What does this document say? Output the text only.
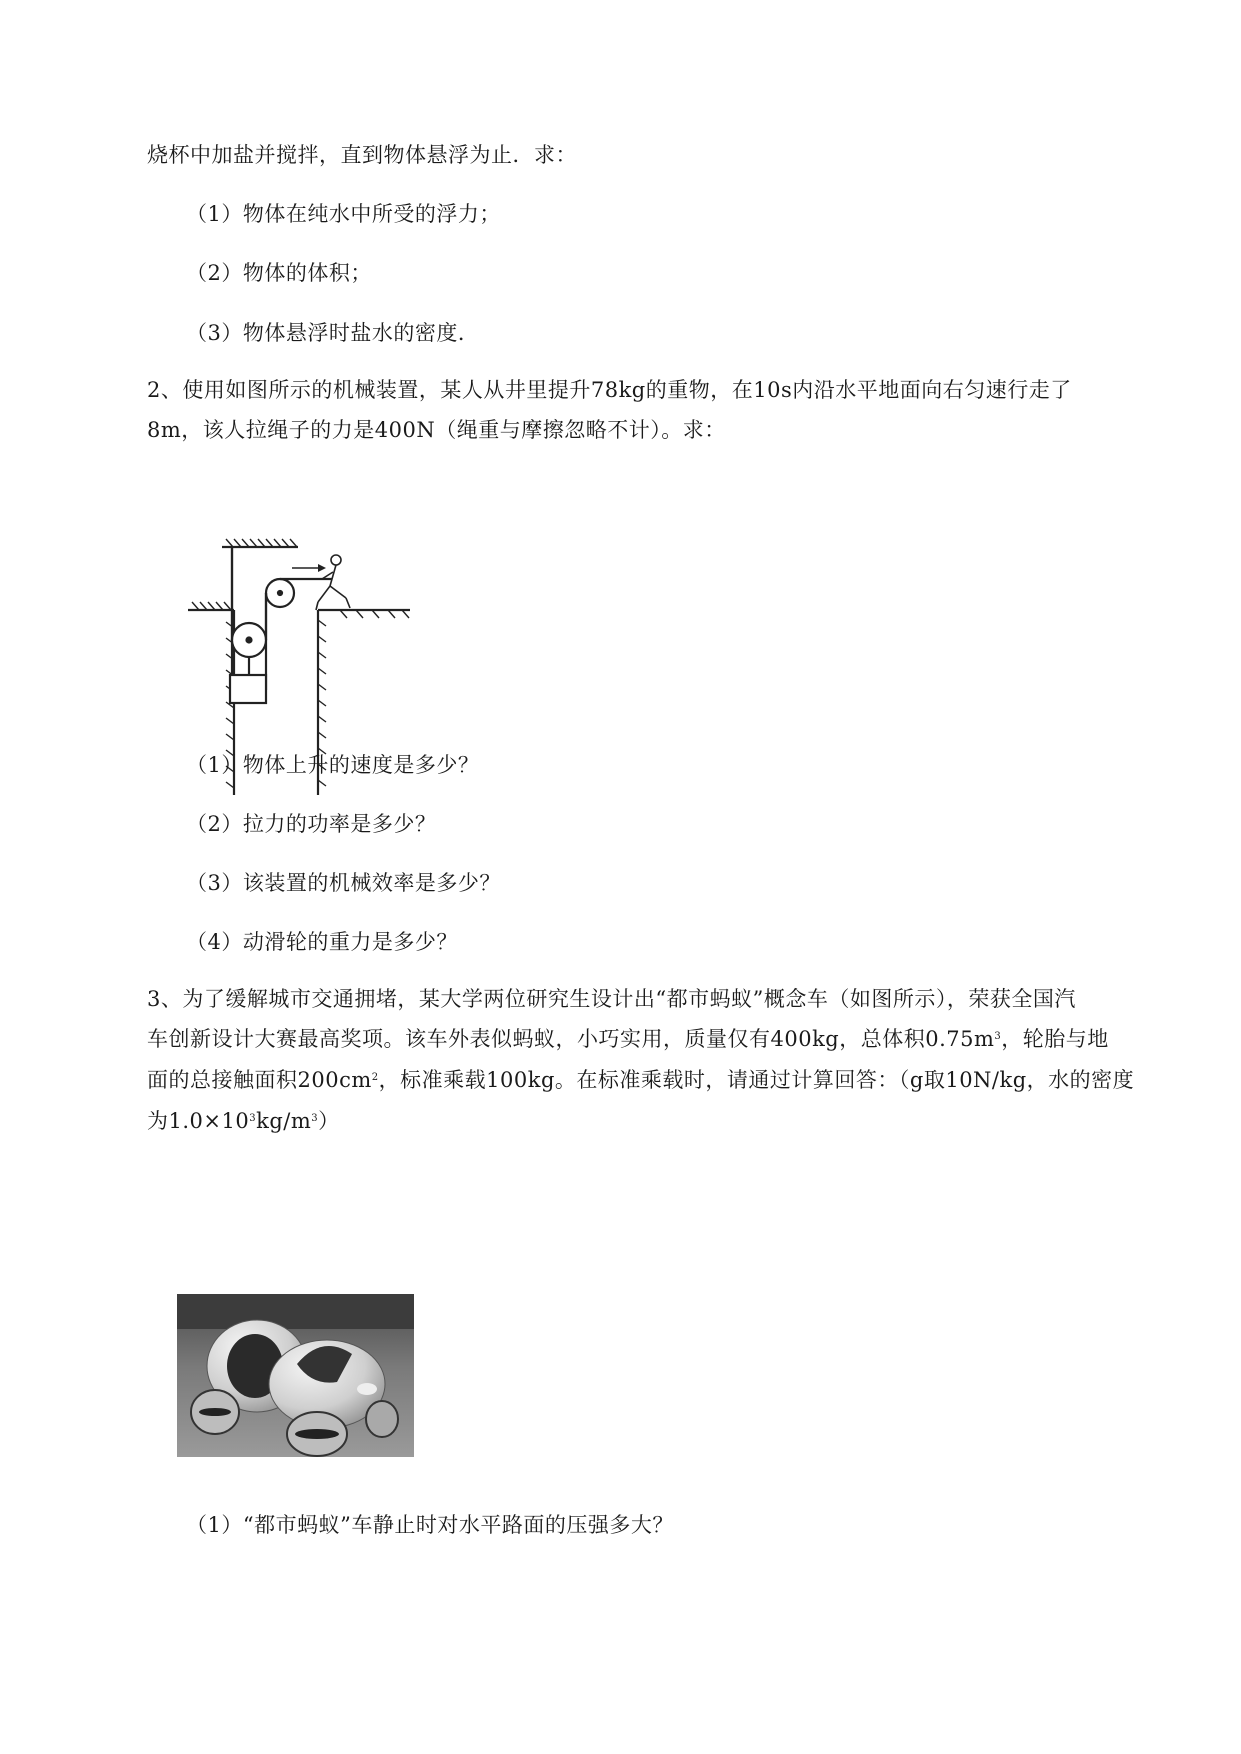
烧杯中加盐并搅拌，直到物体悬浮为止．求：
（1）物体在纯水中所受的浮力；
（2）物体的体积；
（3）物体悬浮时盐水的密度．
2、使用如图所示的机械装置，某人从井里提升78kg的重物，在10s内沿水平地面向右匀速行走了
8m，该人拉绳子的力是400N（绳重与摩擦忽略不计）。求：
（1）物体上升的速度是多少？
（2）拉力的功率是多少？
（3）该装置的机械效率是多少？
（4）动滑轮的重力是多少？
3、为了缓解城市交通拥堵，某大学两位研究生设计出“都市蚂蚁”概念车（如图所示），荣获全国汽
车创新设计大赛最高奖项。该车外表似蚂蚁，小巧实用，质量仅有400kg，总体积$0.75m^3$，轮胎与地
面的总接触面积$200cm^2$，标准乘载100kg。在标准乘载时，请通过计算回答：（g取10N/kg，水的密度
为$1.0\times 10^3kg/m^3$）
（1）“都市蚂蚁”车静止时对水平路面的压强多大？
